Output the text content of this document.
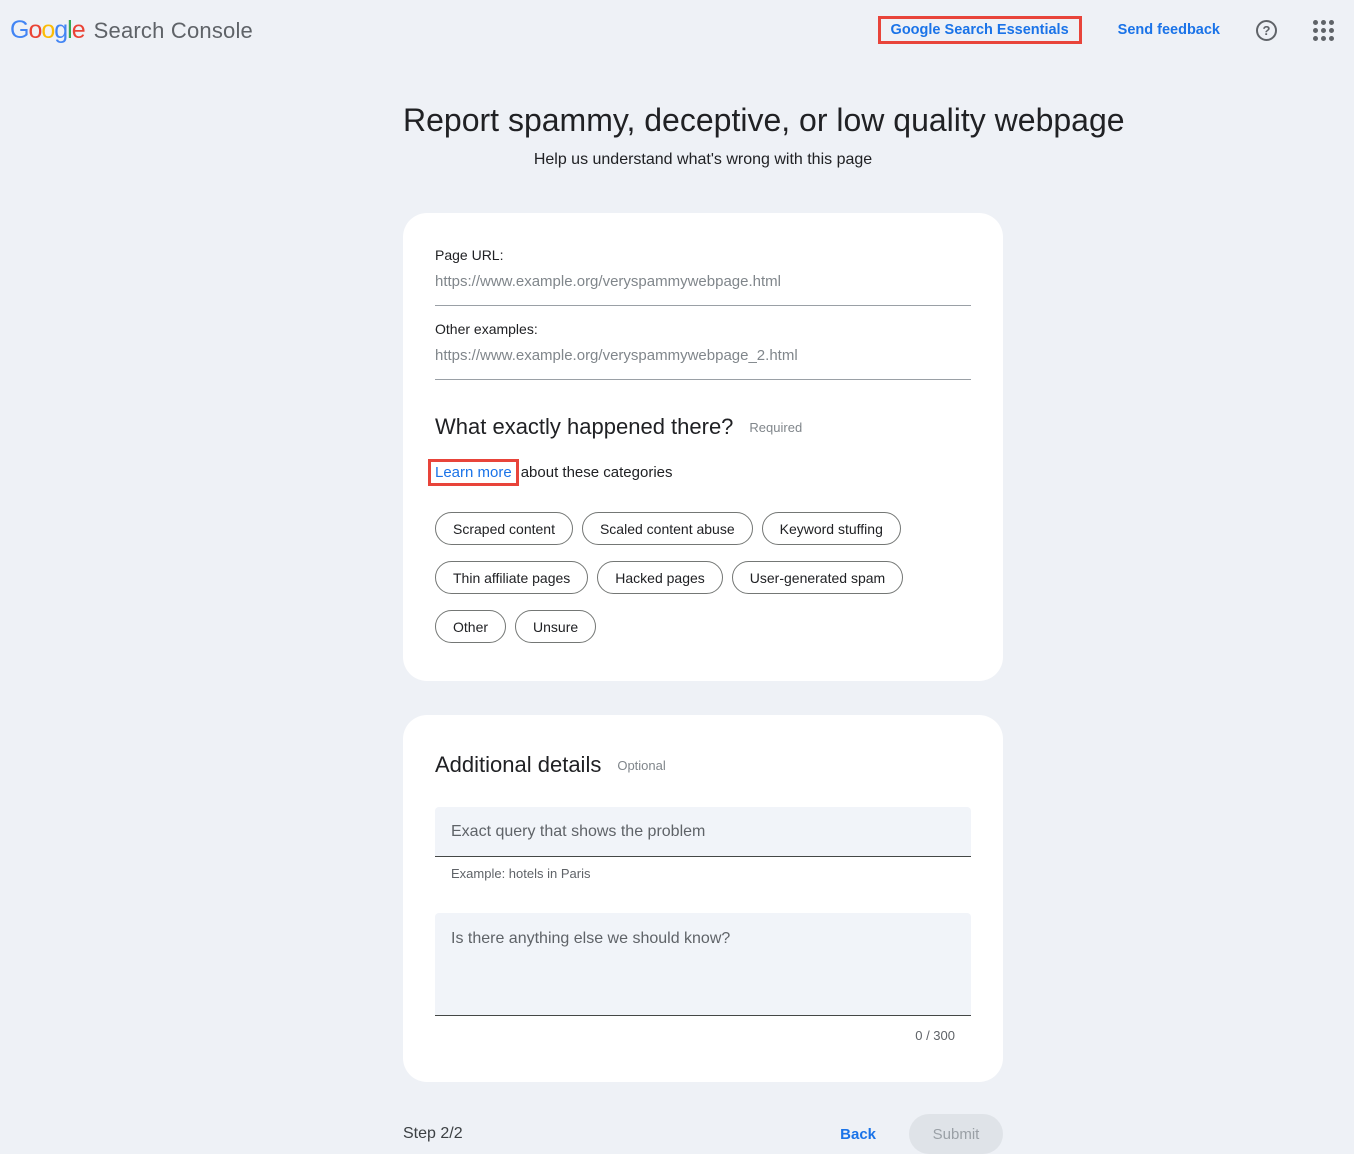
Google Search Console	Google Search Essentials	Send feedback	?
Report spammy, deceptive, or low quality webpage
Help us understand what's wrong with this page
Page URL:
https://www.example.org/veryspammywebpage.html
Other examples:
https://www.example.org/veryspammywebpage_2.html
What exactly happened there? Required
Learn more about these categories
Scraped content	Scaled content abuse	Keyword stuffing
Thin affiliate pages	Hacked pages	User-generated spam
Other	Unsure
Additional details Optional
Exact query that shows the problem
Example: hotels in Paris
Is there anything else we should know?
0 / 300
Step 2/2	Back	Submit
